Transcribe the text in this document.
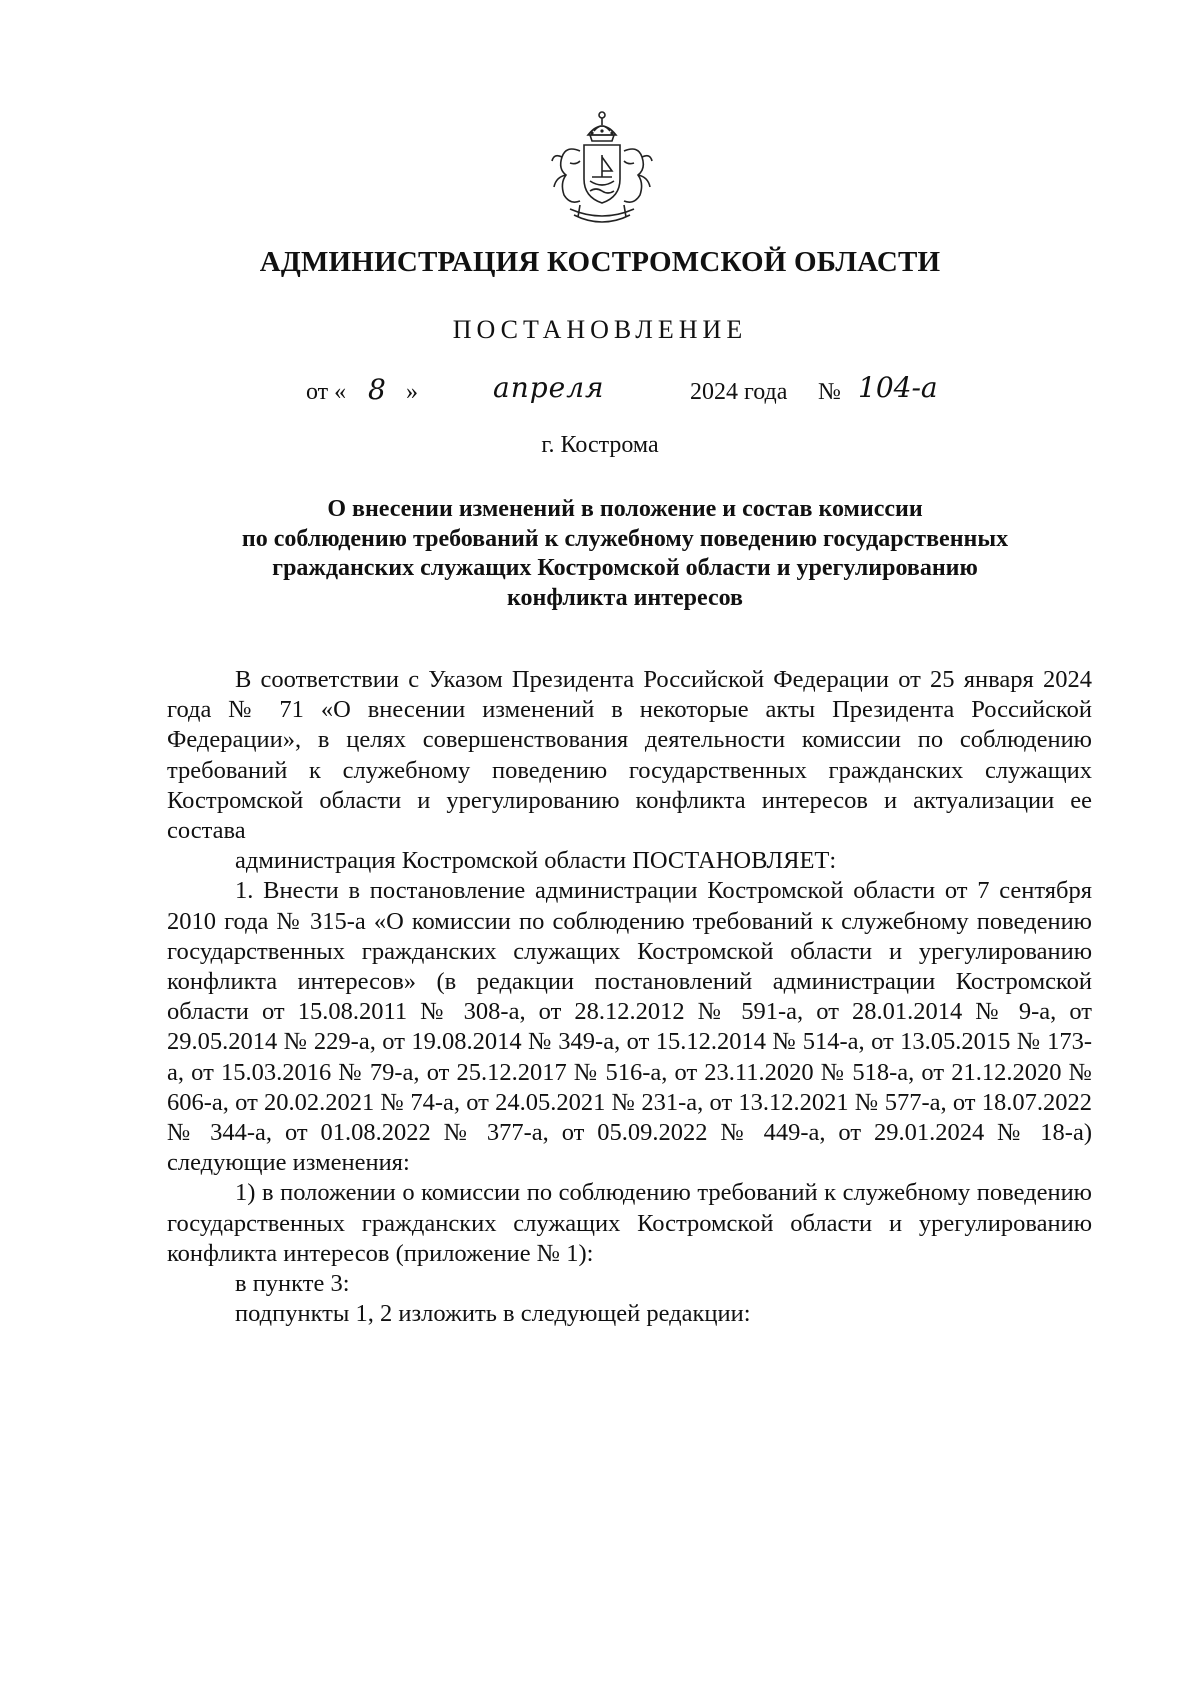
АДМИНИСТРАЦИЯ КОСТРОМСКОЙ ОБЛАСТИ
ПОСТАНОВЛЕНИЕ
от « 8 »	апреля	2024 года № 104-а
г. Кострома
О внесении изменений в положение и состав комиссии
по соблюдению требований к служебному поведению государственных
гражданских служащих Костромской области и урегулированию
конфликта интересов

В соответствии с Указом Президента Российской Федерации от 25 января 2024 года № 71 «О внесении изменений в некоторые акты Президента Российской Федерации», в целях совершенствования деятельности комиссии по соблюдению требований к служебному поведению государственных гражданских служащих Костромской области и урегулированию конфликта интересов и актуализации ее состава

администрация Костромской области ПОСТАНОВЛЯЕТ:

1. Внести в постановление администрации Костромской области от 7 сентября 2010 года № 315-а «О комиссии по соблюдению требований к служебному поведению государственных гражданских служащих Костромской области и урегулированию конфликта интересов» (в редакции постановлений администрации Костромской области от 15.08.2011 № 308-а, от 28.12.2012 № 591-а, от 28.01.2014 № 9-а, от 29.05.2014 № 229-а, от 19.08.2014 № 349-а, от 15.12.2014 № 514-а, от 13.05.2015 № 173-а, от 15.03.2016 № 79-а, от 25.12.2017 № 516-а, от 23.11.2020 № 518-а, от 21.12.2020 № 606-а, от 20.02.2021 № 74-а, от 24.05.2021 № 231-а, от 13.12.2021 № 577-а, от 18.07.2022 № 344-а, от 01.08.2022 № 377-а, от 05.09.2022 № 449-а, от 29.01.2024 № 18-а)

следующие изменения:

1) в положении о комиссии по соблюдению требований к служебному поведению государственных гражданских служащих Костромской области и урегулированию конфликта интересов (приложение № 1):

в пункте 3:

подпункты 1, 2 изложить в следующей редакции:
